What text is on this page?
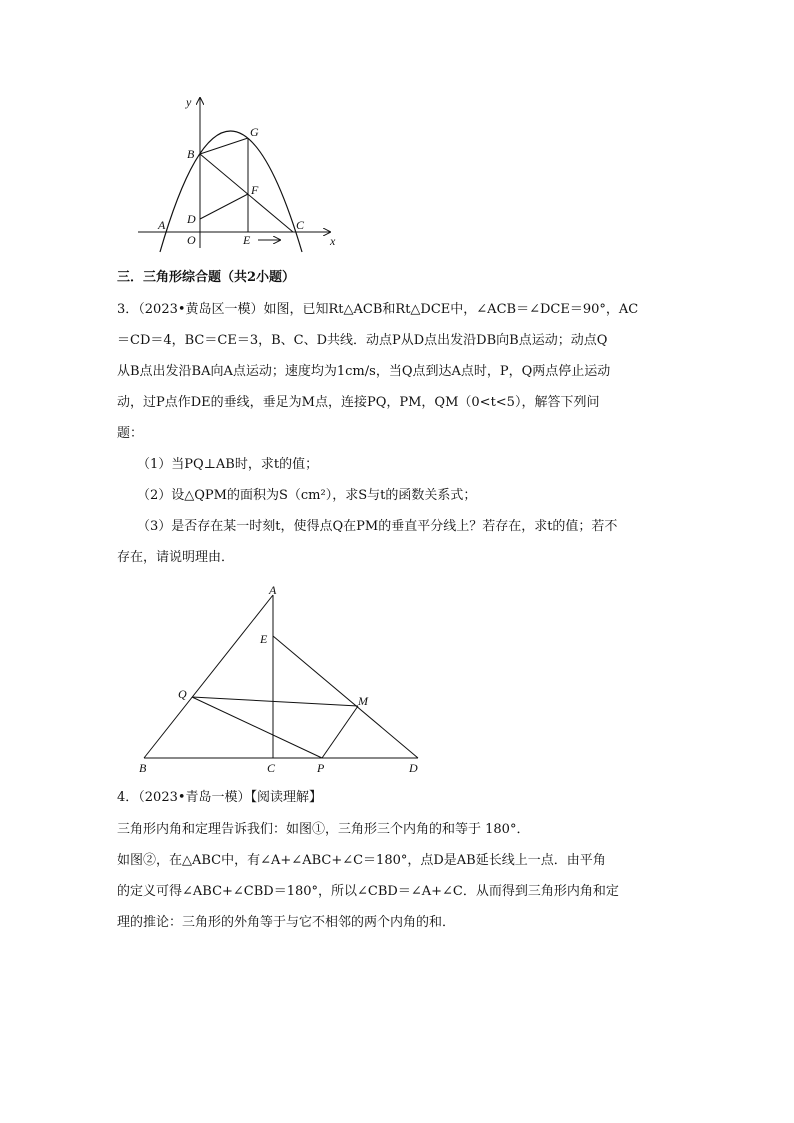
y
x
B
G
F
D
A
O	E
C
三．三角形综合题（共2小题）
3．（2023•黄岛区一模）如图，已知Rt△ACB和Rt△DCE中，∠ACB＝∠DCE＝90°，AC
＝CD＝4，BC＝CE＝3，B、C、D共线．动点P从D点出发沿DB向B点运动；动点Q
从B点出发沿BA向A点运动；速度均为1cm/s，当Q点到达A点时，P，Q两点停止运动
动，过P点作DE的垂线，垂足为M点，连接PQ，PM，QM（0<t<5），解答下列问
题：
（1）当PQ⊥AB时，求t的值；
（2）设△QPM的面积为S（cm²），求S与t的函数关系式；
（3）是否存在某一时刻t，使得点Q在PM的垂直平分线上？若存在，求t的值；若不
存在，请说明理由．
A
E
Q	M
B	C	P	D
4．（2023•青岛一模）【阅读理解】
三角形内角和定理告诉我们：如图①，三角形三个内角的和等于 180°．
如图②，在△ABC中，有∠A+∠ABC+∠C＝180°，点D是AB延长线上一点．由平角
的定义可得∠ABC+∠CBD＝180°，所以∠CBD＝∠A+∠C．从而得到三角形内角和定
理的推论：三角形的外角等于与它不相邻的两个内角的和．
